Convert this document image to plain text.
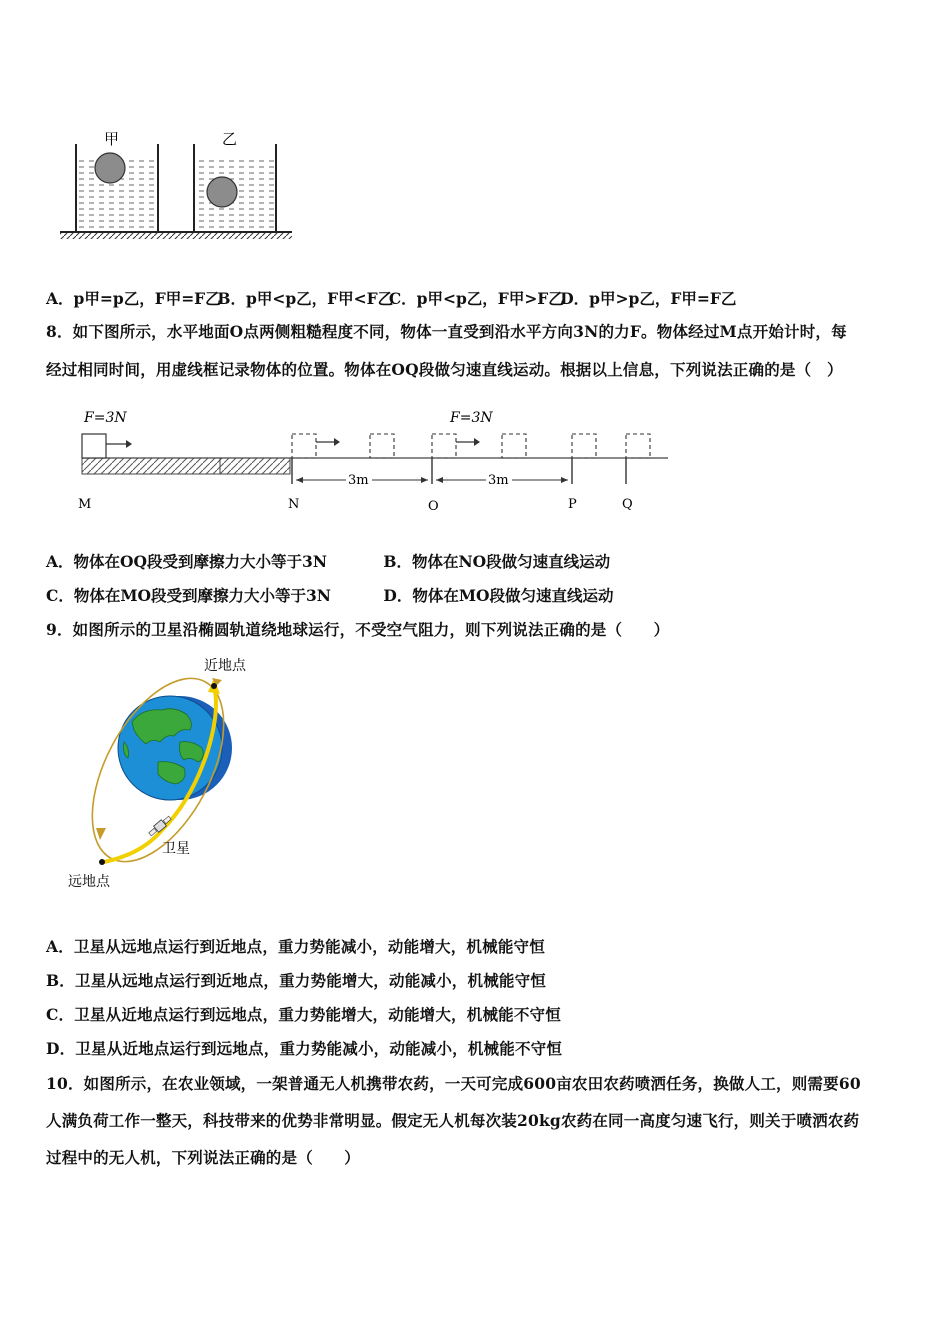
甲	乙
A．p甲=p乙，F甲=F乙 B．p甲<p乙，F甲<F乙 C．p甲<p乙，F甲>F乙 D．p甲>p乙，F甲=F乙
8．如下图所示，水平地面O点两侧粗糙程度不同，物体一直受到沿水平方向3N的力F。物体经过M点开始计时，每
经过相同时间，用虚线框记录物体的位置。物体在OQ段做匀速直线运动。根据以上信息，下列说法正确的是（　）
F=3N	F=3N
3m	3m
M	N	O	P	Q
A．物体在OQ段受到摩擦力大小等于3N	B．物体在NO段做匀速直线运动
C．物体在MO段受到摩擦力大小等于3N	D．物体在MO段做匀速直线运动
9．如图所示的卫星沿椭圆轨道绕地球运行，不受空气阻力，则下列说法正确的是（　　）
近地点
卫星
远地点
A．卫星从远地点运行到近地点，重力势能减小，动能增大，机械能守恒
B．卫星从远地点运行到近地点，重力势能增大，动能减小，机械能守恒
C．卫星从近地点运行到远地点，重力势能增大，动能增大，机械能不守恒
D．卫星从近地点运行到远地点，重力势能减小，动能减小，机械能不守恒
10．如图所示，在农业领域，一架普通无人机携带农药，一天可完成600亩农田农药喷洒任务，换做人工，则需要60
人满负荷工作一整天，科技带来的优势非常明显。假定无人机每次装20kg农药在同一高度匀速飞行，则关于喷洒农药
过程中的无人机，下列说法正确的是（　　）
